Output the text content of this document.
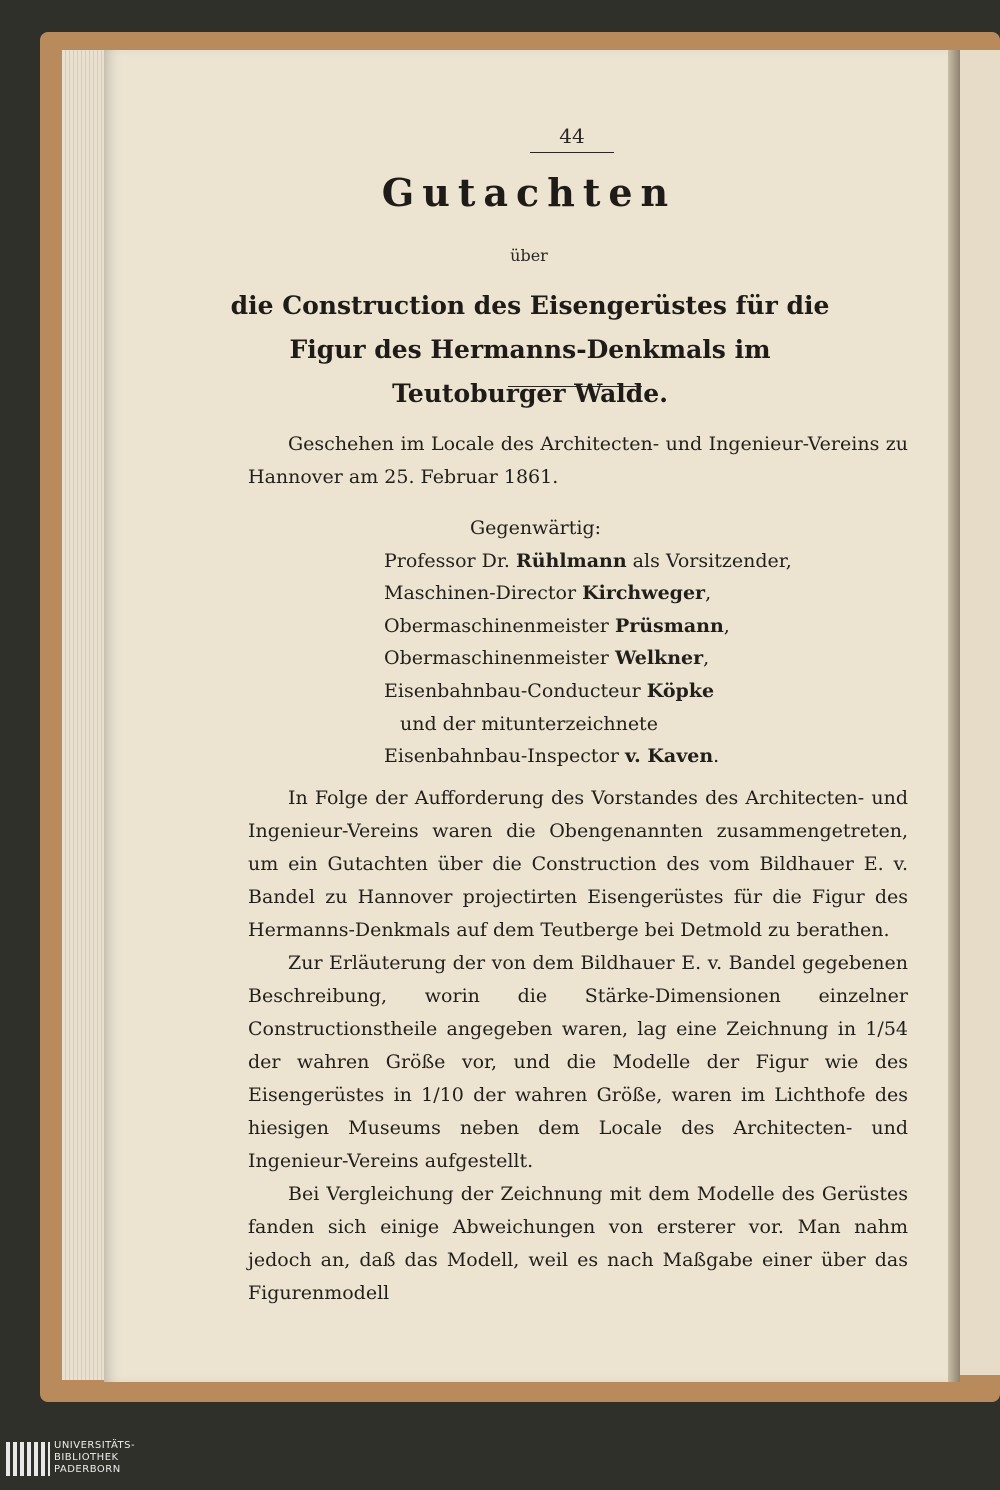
44
Gutachten
über
die Construction des Eisengerüstes für die Figur des Hermanns-Denkmals im Teutoburger Walde.

Geschehen im Locale des Architecten- und Ingenieur-Vereins zu Hannover am 25. Februar 1861.

Gegenwärtig:
Professor Dr. Rühlmann als Vorsitzender,
Maschinen-Director Kirchweger,
Obermaschinenmeister Prüsmann,
Obermaschinenmeister Welkner,
Eisenbahnbau-Conducteur Köpke
und der mitunterzeichnete
Eisenbahnbau-Inspector v. Kaven.

In Folge der Aufforderung des Vorstandes des Architecten- und Ingenieur-Vereins waren die Obengenannten zusammengetreten, um ein Gutachten über die Construction des vom Bildhauer E. v. Bandel zu Hannover projectirten Eisengerüstes für die Figur des Hermanns-Denkmals auf dem Teutberge bei Detmold zu berathen.

Zur Erläuterung der von dem Bildhauer E. v. Bandel gegebenen Beschreibung, worin die Stärke-Dimensionen einzelner Constructionstheile angegeben waren, lag eine Zeichnung in 1/54 der wahren Größe vor, und die Modelle der Figur wie des Eisengerüstes in 1/10 der wahren Größe, waren im Lichthofe des hiesigen Museums neben dem Locale des Architecten- und Ingenieur-Vereins aufgestellt.

Bei Vergleichung der Zeichnung mit dem Modelle des Gerüstes fanden sich einige Abweichungen von ersterer vor. Man nahm jedoch an, daß das Modell, weil es nach Maßgabe einer über das Figurenmodell

UNIVERSITÄTS-
BIBLIOTHEK
PADERBORN
